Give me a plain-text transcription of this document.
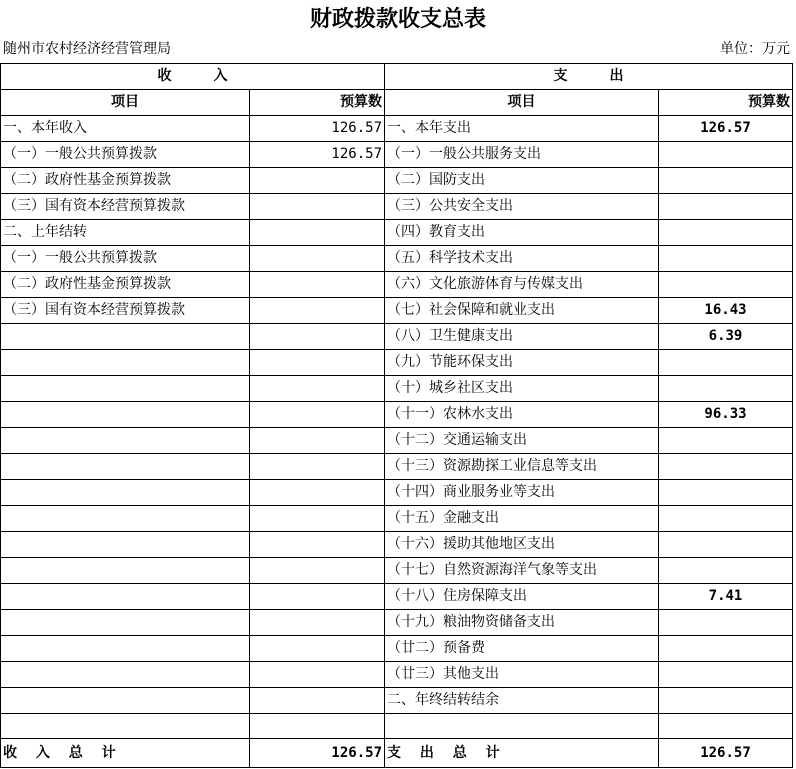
财政拨款收支总表
随州市农村经济经营管理局	单位：万元
收　　　入		支　　　出	
项目	预算数	项目	预算数
一、本年收入	126.57	一、本年支出	126.57
（一）一般公共预算拨款	126.57	（一）一般公共服务支出	
（二）政府性基金预算拨款		（二）国防支出	
（三）国有资本经营预算拨款		（三）公共安全支出	
二、上年结转		（四）教育支出	
（一）一般公共预算拨款		（五）科学技术支出	
（二）政府性基金预算拨款		（六）文化旅游体育与传媒支出	
（三）国有资本经营预算拨款		（七）社会保障和就业支出	16.43
		（八）卫生健康支出	6.39
		（九）节能环保支出	
		（十）城乡社区支出	
		（十一）农林水支出	96.33
		（十二）交通运输支出	
		（十三）资源勘探工业信息等支出	
		（十四）商业服务业等支出	
		（十五）金融支出	
		（十六）援助其他地区支出	
		（十七）自然资源海洋气象等支出	
		（十八）住房保障支出	7.41
		（十九）粮油物资储备支出	
		（廿二）预备费	
		（廿三）其他支出	
		二、年终结转结余	

收　 入　 总　 计	126.57	支　 出　 总　 计	126.57
